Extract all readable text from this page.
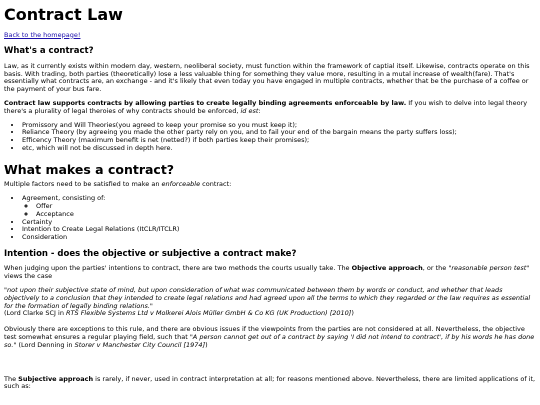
Contract Law

Back to the homepage!

What's a contract?

Law, as it currently exists within modern day, western, neoliberal society, must function within the framework of captial itself. Likewise, contracts operate on this basis. With trading, both parties (theoretically) lose a less valuable thing for something they value more, resulting in a mutal increase of wealth(fare). That's essentially what contracts are, an exchange - and it's likely that even today you have engaged in multiple contracts, whether that be the purchase of a coffee or the payment of your bus fare.

Contract law supports contracts by allowing parties to create legally binding agreements enforceable by law. If you wish to delve into legal theory there's a plurality of legal theroies of why contracts should be enforced, id est:

• Promissory and Will Theories(you agreed to keep your promise so you must keep it);
• Reliance Theory (by agreeing you made the other party rely on you, and to fail your end of the bargain means the party suffers loss);
• Efficency Theory (maximum benefit is net (netted?) if both parties keep their promises);
• etc, which will not be discussed in depth here.
What makes a contract?

Multiple factors need to be satisfied to make an enforceable contract:

• Agreement, consisting of:
◦ Offer
◦ Acceptance
• Certainty
• Intention to Create Legal Relations (ItCLR/ITCLR)
• Consideration
Intention - does the objective or subjective a contract make?

When judging upon the parties' intentions to contract, there are two methods the courts usually take. The Objective approach, or the "reasonable person test" views the case

"not upon their subjective state of mind, but upon consideration of what was communicated between them by words or conduct, and whether that leads objectively to a conclusion that they intended to create legal relations and had agreed upon all the terms to which they regarded or the law requires as essential for the formation of legally binding relations."

(Lord Clarke SCJ in RTS Flexible Systems Ltd v Molkerei Alois Müller GmbH & Co KG (UK Production) [2010])

Obviously there are exceptions to this rule, and there are obvious issues if the viewpoints from the parties are not considered at all. Nevertheless, the objective test somewhat ensures a regular playing field, such that "A person cannot get out of a contract by saying 'I did not intend to contract', if by his words he has done so." (Lord Denning in Storer v Manchester City Council [1974])

The Subjective approach is rarely, if never, used in contract interpretation at all; for reasons mentioned above. Nevertheless, there are limited applications of it, such as:
